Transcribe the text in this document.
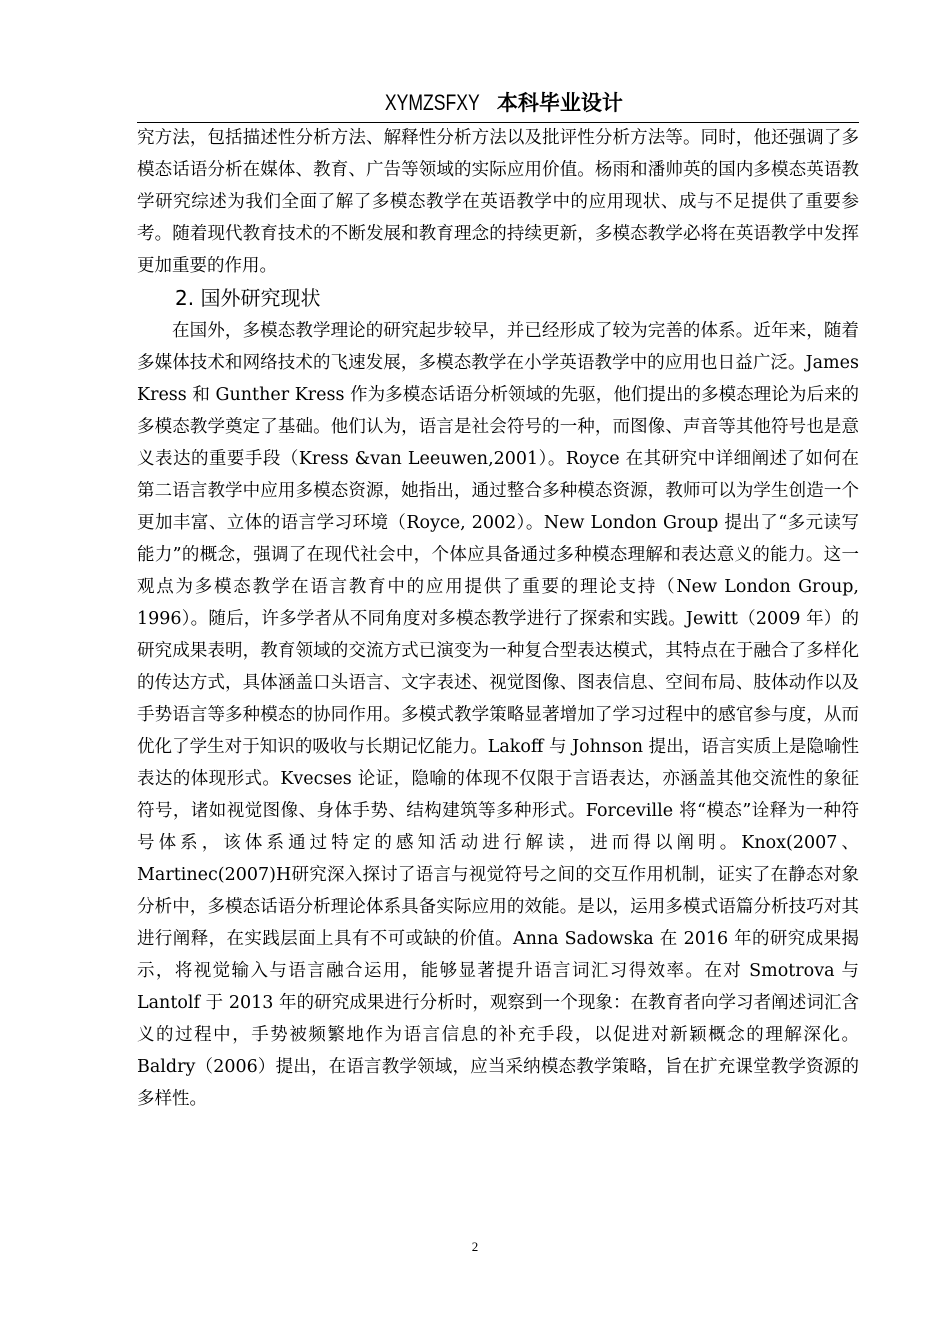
XYMZSFXY 本科毕业设计

究方法，包括描述性分析方法、解释性分析方法以及批评性分析方法等。同时，他还强调了多模态话语分析在媒体、教育、广告等领域的实际应用价值。杨雨和潘帅英的国内多模态英语教学研究综述为我们全面了解了多模态教学在英语教学中的应用现状、成与不足提供了重要参考。随着现代教育技术的不断发展和教育理念的持续更新，多模态教学必将在英语教学中发挥更加重要的作用。

2. 国外研究现状

在国外，多模态教学理论的研究起步较早，并已经形成了较为完善的体系。近年来，随着多媒体技术和网络技术的飞速发展，多模态教学在小学英语教学中的应用也日益广泛。James Kress 和 Gunther Kress 作为多模态话语分析领域的先驱，他们提出的多模态理论为后来的多模态教学奠定了基础。他们认为，语言是社会符号的一种，而图像、声音等其他符号也是意义表达的重要手段（Kress &van Leeuwen,2001）。Royce 在其研究中详细阐述了如何在第二语言教学中应用多模态资源，她指出，通过整合多种模态资源，教师可以为学生创造一个更加丰富、立体的语言学习环境（Royce, 2002）。New London Group 提出了“多元读写能力”的概念，强调了在现代社会中，个体应具备通过多种模态理解和表达意义的能力。这一观点为多模态教学在语言教育中的应用提供了重要的理论支持（New London Group, 1996）。随后，许多学者从不同角度对多模态教学进行了探索和实践。Jewitt（2009 年）的研究成果表明，教育领域的交流方式已演变为一种复合型表达模式，其特点在于融合了多样化的传达方式，具体涵盖口头语言、文字表述、视觉图像、图表信息、空间布局、肢体动作以及手势语言等多种模态的协同作用。多模式教学策略显著增加了学习过程中的感官参与度，从而优化了学生对于知识的吸收与长期记忆能力。Lakoff 与 Johnson 提出，语言实质上是隐喻性表达的体现形式。Kvecses 论证，隐喻的体现不仅限于言语表达，亦涵盖其他交流性的象征符号，诸如视觉图像、身体手势、结构建筑等多种形式。Forceville 将“模态”诠释为一种符号体系，该体系通过特定的感知活动进行解读，进而得以阐明。Knox(2007、Martinec(2007)H研究深入探讨了语言与视觉符号之间的交互作用机制，证实了在静态对象分析中，多模态话语分析理论体系具备实际应用的效能。是以，运用多模式语篇分析技巧对其进行阐释，在实践层面上具有不可或缺的价值。Anna Sadowska 在 2016 年的研究成果揭示，将视觉输入与语言融合运用，能够显著提升语言词汇习得效率。在对 Smotrova 与 Lantolf 于 2013 年的研究成果进行分析时，观察到一个现象：在教育者向学习者阐述词汇含义的过程中，手势被频繁地作为语言信息的补充手段，以促进对新颖概念的理解深化。Baldry（2006）提出，在语言教学领域，应当采纳模态教学策略，旨在扩充课堂教学资源的多样性。

2
